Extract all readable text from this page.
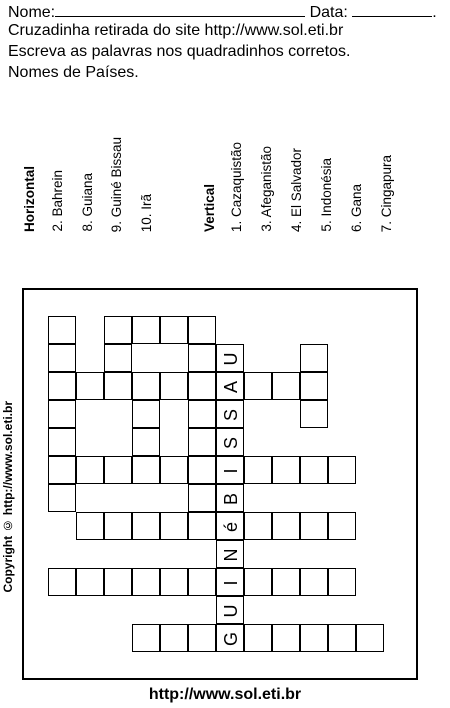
Nome:	Data:	.
Cruzadinha retirada do site http://www.sol.eti.br
Escreva as palavras nos quadradinhos corretos.
Nomes de Países.
Horizontal 2. Bahrein 8. Guiana 9. Guiné Bissau 10. Irã	Vertical 1. Cazaquistão 3. Afeganistão 4. El Salvador 5. Indonésia 6. Gana 7. Cingapura
U
A
S
S
I
B
é
N
I
U
G
Copyright © http://www.sol.eti.br
http://www.sol.eti.br
